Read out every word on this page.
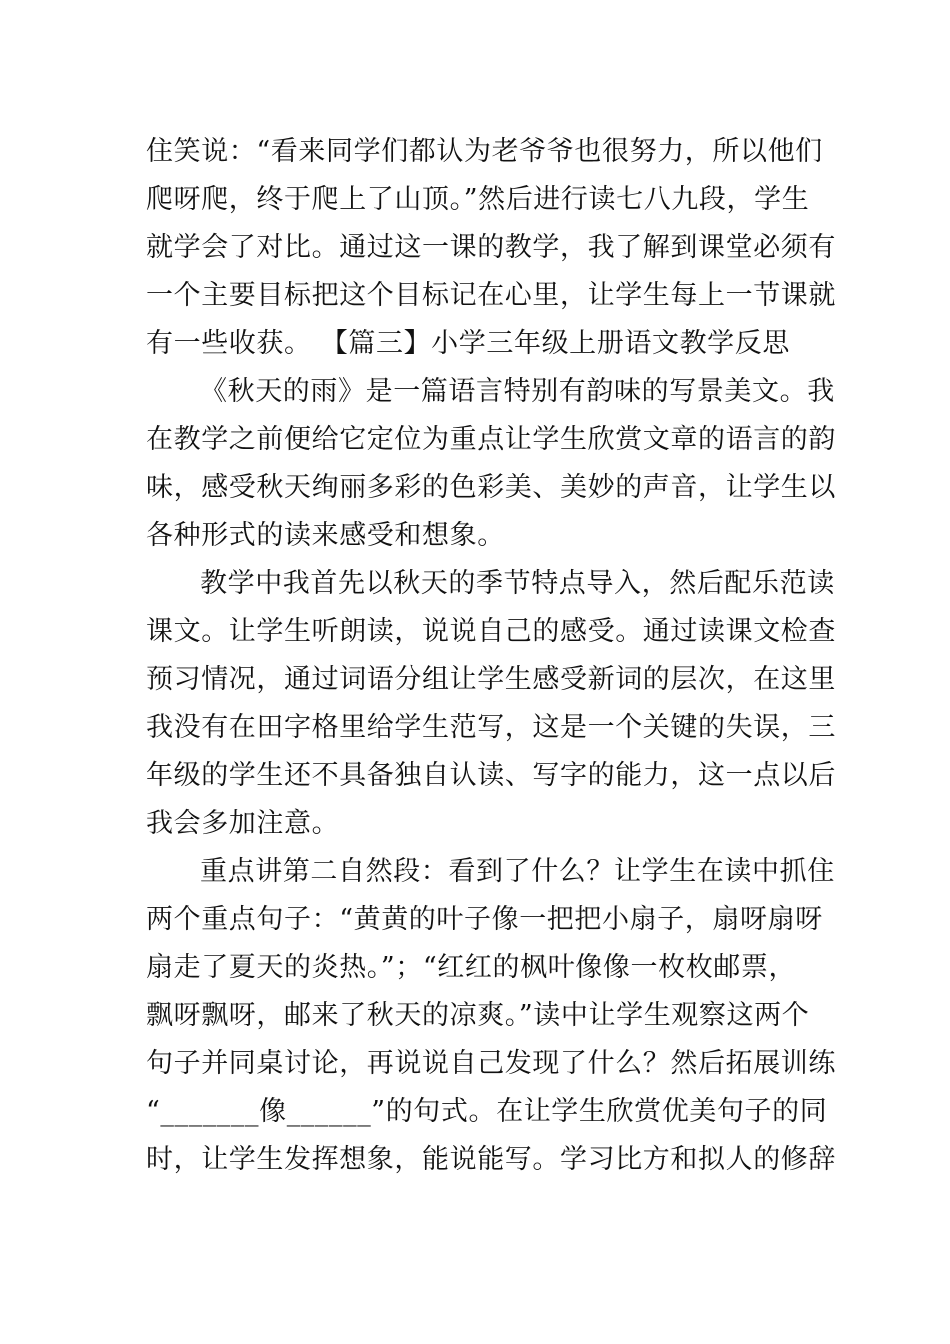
住笑说：“看来同学们都认为老爷爷也很努力，所以他们
爬呀爬，终于爬上了山顶。”然后进行读七八九段，学生
就学会了对比。通过这一课的教学，我了解到课堂必须有
一个主要目标把这个目标记在心里，让学生每上一节课就
有一些收获。 【篇三】小学三年级上册语文教学反思
《秋天的雨》是一篇语言特别有韵味的写景美文。我
在教学之前便给它定位为重点让学生欣赏文章的语言的韵
味，感受秋天绚丽多彩的色彩美、美妙的声音，让学生以
各种形式的读来感受和想象。
教学中我首先以秋天的季节特点导入，然后配乐范读
课文。让学生听朗读，说说自己的感受。通过读课文检查
预习情况，通过词语分组让学生感受新词的层次，在这里
我没有在田字格里给学生范写，这是一个关键的失误，三
年级的学生还不具备独自认读、写字的能力，这一点以后
我会多加注意。
重点讲第二自然段：看到了什么？让学生在读中抓住
两个重点句子：“黄黄的叶子像一把把小扇子，扇呀扇呀
扇走了夏天的炎热。”；“红红的枫叶像像一枚枚邮票，
飘呀飘呀，邮来了秋天的凉爽。”读中让学生观察这两个
句子并同桌讨论，再说说自己发现了什么？然后拓展训练
“_______像______”的句式。在让学生欣赏优美句子的同
时，让学生发挥想象，能说能写。学习比方和拟人的修辞
